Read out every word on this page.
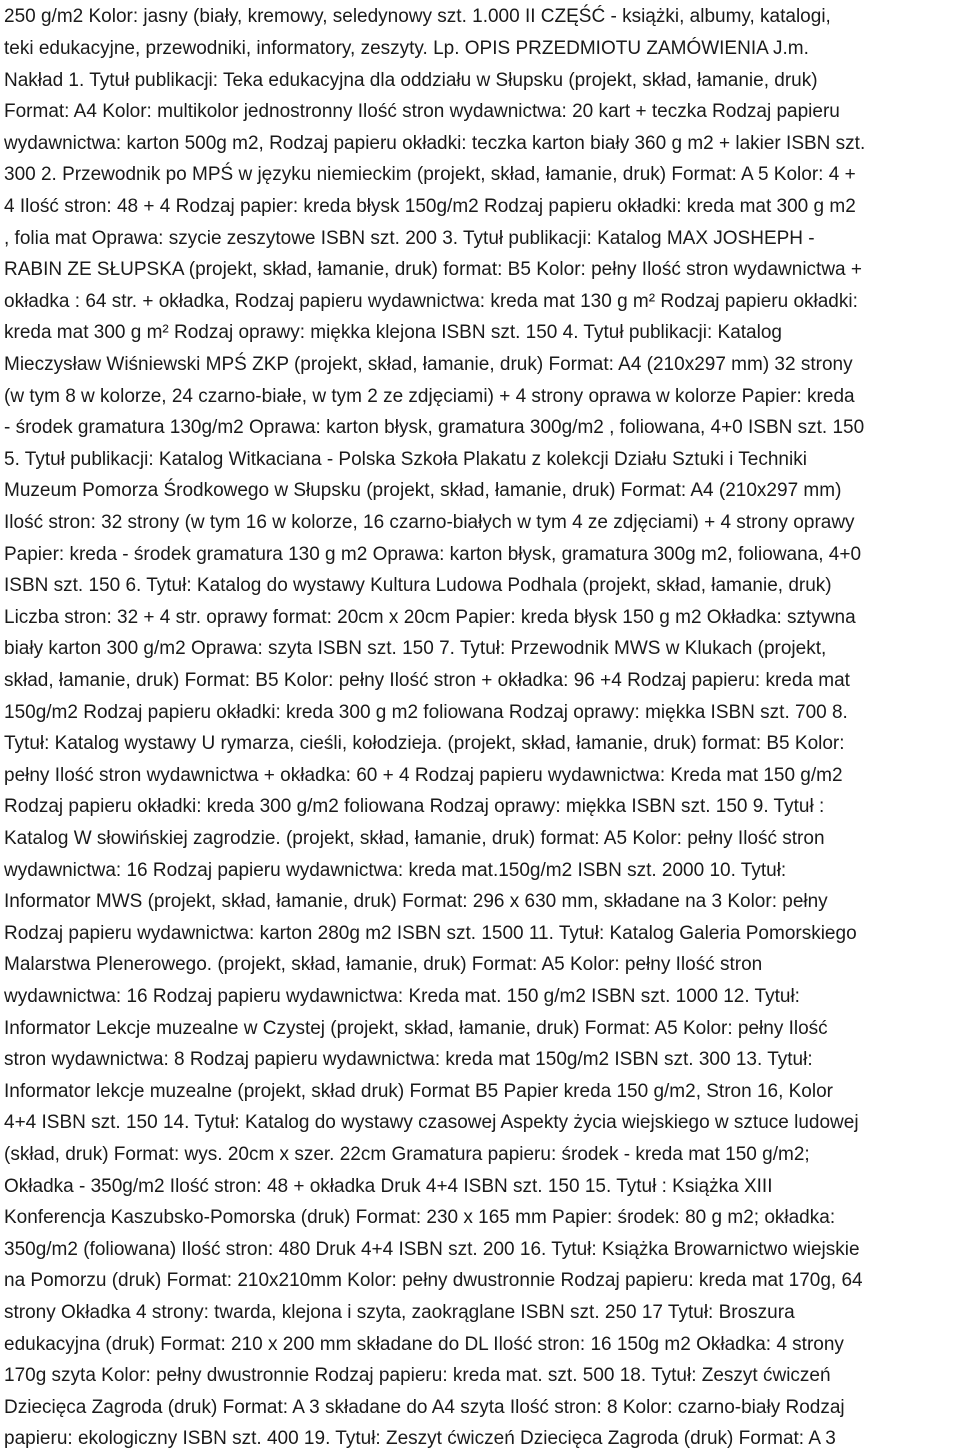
250 g/m2 Kolor: jasny (biały, kremowy, seledynowy szt. 1.000 II CZĘŚĆ - książki, albumy, katalogi,
teki edukacyjne, przewodniki, informatory, zeszyty. Lp. OPIS PRZEDMIOTU ZAMÓWIENIA J.m.
Nakład 1. Tytuł publikacji: Teka edukacyjna dla oddziału w Słupsku (projekt, skład, łamanie, druk)
Format: A4 Kolor: multikolor jednostronny Ilość stron wydawnictwa: 20 kart + teczka Rodzaj papieru
wydawnictwa: karton 500g m2, Rodzaj papieru okładki: teczka karton biały 360 g m2 + lakier ISBN szt.
300 2. Przewodnik po MPŚ w języku niemieckim (projekt, skład, łamanie, druk) Format: A 5 Kolor: 4 +
4 Ilość stron: 48 + 4 Rodzaj papier: kreda błysk 150g/m2 Rodzaj papieru okładki: kreda mat 300 g m2
, folia mat Oprawa: szycie zeszytowe ISBN szt. 200 3. Tytuł publikacji: Katalog MAX JOSHEPH -
RABIN ZE SŁUPSKA (projekt, skład, łamanie, druk) format: B5 Kolor: pełny Ilość stron wydawnictwa +
okładka : 64 str. + okładka, Rodzaj papieru wydawnictwa: kreda mat 130 g m² Rodzaj papieru okładki:
kreda mat 300 g m² Rodzaj oprawy: miękka klejona ISBN szt. 150 4. Tytuł publikacji: Katalog
Mieczysław Wiśniewski MPŚ ZKP (projekt, skład, łamanie, druk) Format: A4 (210x297 mm) 32 strony
(w tym 8 w kolorze, 24 czarno-białe, w tym 2 ze zdjęciami) + 4 strony oprawa w kolorze Papier: kreda
- środek gramatura 130g/m2 Oprawa: karton błysk, gramatura 300g/m2 , foliowana, 4+0 ISBN szt. 150
5. Tytuł publikacji: Katalog Witkaciana - Polska Szkoła Plakatu z kolekcji Działu Sztuki i Techniki
Muzeum Pomorza Środkowego w Słupsku (projekt, skład, łamanie, druk) Format: A4 (210x297 mm)
Ilość stron: 32 strony (w tym 16 w kolorze, 16 czarno-białych w tym 4 ze zdjęciami) + 4 strony oprawy
Papier: kreda - środek gramatura 130 g m2 Oprawa: karton błysk, gramatura 300g m2, foliowana, 4+0
ISBN szt. 150 6. Tytuł: Katalog do wystawy Kultura Ludowa Podhala (projekt, skład, łamanie, druk)
Liczba stron: 32 + 4 str. oprawy format: 20cm x 20cm Papier: kreda błysk 150 g m2 Okładka: sztywna
biały karton 300 g/m2 Oprawa: szyta ISBN szt. 150 7. Tytuł: Przewodnik MWS w Klukach (projekt,
skład, łamanie, druk) Format: B5 Kolor: pełny Ilość stron + okładka: 96 +4 Rodzaj papieru: kreda mat
150g/m2 Rodzaj papieru okładki: kreda 300 g m2 foliowana Rodzaj oprawy: miękka ISBN szt. 700 8.
Tytuł: Katalog wystawy U rymarza, cieśli, kołodzieja. (projekt, skład, łamanie, druk) format: B5 Kolor:
pełny Ilość stron wydawnictwa + okładka: 60 + 4 Rodzaj papieru wydawnictwa: Kreda mat 150 g/m2
Rodzaj papieru okładki: kreda 300 g/m2 foliowana Rodzaj oprawy: miękka ISBN szt. 150 9. Tytuł :
Katalog W słowińskiej zagrodzie. (projekt, skład, łamanie, druk) format: A5 Kolor: pełny Ilość stron
wydawnictwa: 16 Rodzaj papieru wydawnictwa: kreda mat.150g/m2 ISBN szt. 2000 10. Tytuł:
Informator MWS (projekt, skład, łamanie, druk) Format: 296 x 630 mm, składane na 3 Kolor: pełny
Rodzaj papieru wydawnictwa: karton 280g m2 ISBN szt. 1500 11. Tytuł: Katalog Galeria Pomorskiego
Malarstwa Plenerowego. (projekt, skład, łamanie, druk) Format: A5 Kolor: pełny Ilość stron
wydawnictwa: 16 Rodzaj papieru wydawnictwa: Kreda mat. 150 g/m2 ISBN szt. 1000 12. Tytuł:
Informator Lekcje muzealne w Czystej (projekt, skład, łamanie, druk) Format: A5 Kolor: pełny Ilość
stron wydawnictwa: 8 Rodzaj papieru wydawnictwa: kreda mat 150g/m2 ISBN szt. 300 13. Tytuł:
Informator lekcje muzealne (projekt, skład druk) Format B5 Papier kreda 150 g/m2, Stron 16, Kolor
4+4 ISBN szt. 150 14. Tytuł: Katalog do wystawy czasowej Aspekty życia wiejskiego w sztuce ludowej
(skład, druk) Format: wys. 20cm x szer. 22cm Gramatura papieru: środek - kreda mat 150 g/m2;
Okładka - 350g/m2 Ilość stron: 48 + okładka Druk 4+4 ISBN szt. 150 15. Tytuł : Książka XIII
Konferencja Kaszubsko-Pomorska (druk) Format: 230 x 165 mm Papier: środek: 80 g m2; okładka:
350g/m2 (foliowana) Ilość stron: 480 Druk 4+4 ISBN szt. 200 16. Tytuł: Książka Browarnictwo wiejskie
na Pomorzu (druk) Format: 210x210mm Kolor: pełny dwustronnie Rodzaj papieru: kreda mat 170g, 64
strony Okładka 4 strony: twarda, klejona i szyta, zaokrąglane ISBN szt. 250 17 Tytuł: Broszura
edukacyjna (druk) Format: 210 x 200 mm składane do DL Ilość stron: 16 150g m2 Okładka: 4 strony
170g szyta Kolor: pełny dwustronnie Rodzaj papieru: kreda mat. szt. 500 18. Tytuł: Zeszyt ćwiczeń
Dziecięca Zagroda (druk) Format: A 3 składane do A4 szyta Ilość stron: 8 Kolor: czarno-biały Rodzaj
papieru: ekologiczny ISBN szt. 400 19. Tytuł: Zeszyt ćwiczeń Dziecięca Zagroda (druk) Format: A 3
